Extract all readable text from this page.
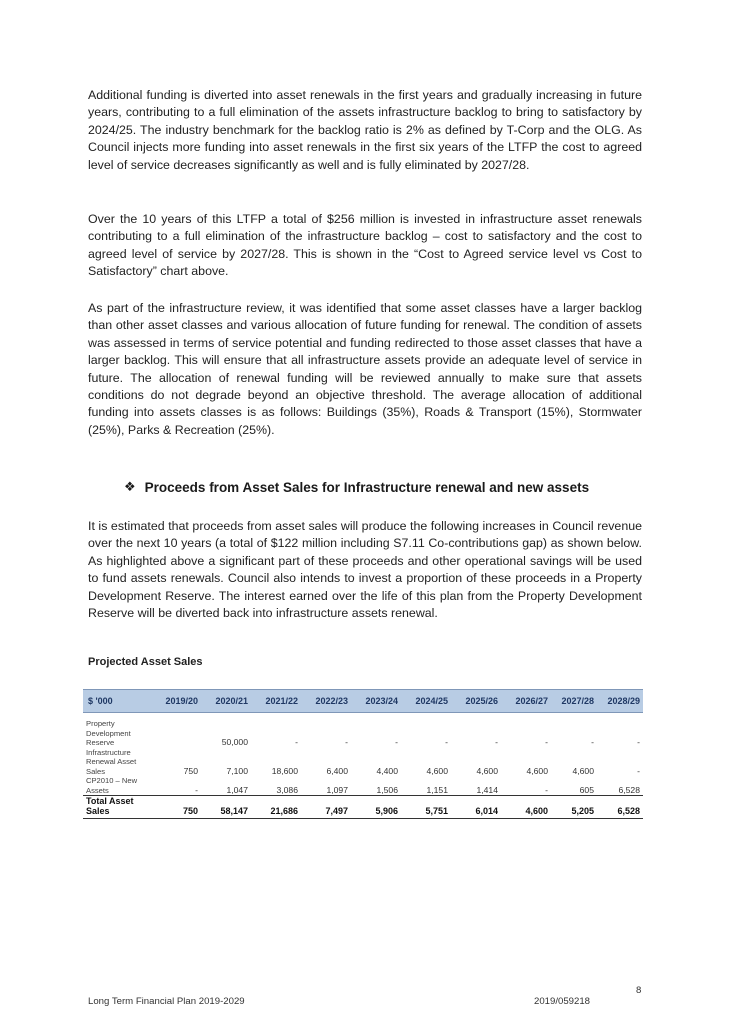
Additional funding is diverted into asset renewals in the first years and gradually increasing in future years, contributing to a full elimination of the assets infrastructure backlog to bring to satisfactory by 2024/25. The industry benchmark for the backlog ratio is 2% as defined by T-Corp and the OLG. As Council injects more funding into asset renewals in the first six years of the LTFP the cost to agreed level of service decreases significantly as well and is fully eliminated by 2027/28.

Over the 10 years of this LTFP a total of $256 million is invested in infrastructure asset renewals contributing to a full elimination of the infrastructure backlog – cost to satisfactory and the cost to agreed level of service by 2027/28. This is shown in the “Cost to Agreed service level vs Cost to Satisfactory” chart above.

As part of the infrastructure review, it was identified that some asset classes have a larger backlog than other asset classes and various allocation of future funding for renewal. The condition of assets was assessed in terms of service potential and funding redirected to those asset classes that have a larger backlog. This will ensure that all infrastructure assets provide an adequate level of service in future. The allocation of renewal funding will be reviewed annually to make sure that assets conditions do not degrade beyond an objective threshold. The average allocation of additional funding into assets classes is as follows: Buildings (35%), Roads & Transport (15%), Stormwater (25%), Parks & Recreation (25%).

❖ Proceeds from Asset Sales for Infrastructure renewal and new assets

It is estimated that proceeds from asset sales will produce the following increases in Council revenue over the next 10 years (a total of $122 million including S7.11 Co-contributions gap) as shown below. As highlighted above a significant part of these proceeds and other operational savings will be used to fund assets renewals. Council also intends to invest a proportion of these proceeds in a Property Development Reserve. The interest earned over the life of this plan from the Property Development Reserve will be diverted back into infrastructure assets renewal.

Projected Asset Sales

$ '000	2019/20	2020/21	2021/22	2022/23	2023/24	2024/25	2025/26	2026/27	2027/28	2028/29

Property Development Reserve		50,000	-	-	-	-	-	-	-	-
Infrastructure Renewal Asset Sales	750	7,100	18,600	6,400	4,400	4,600	4,600	4,600	4,600	-
CP2010 – New Assets	-	1,047	3,086	1,097	1,506	1,151	1,414	-	605	6,528
Total Asset Sales	750	58,147	21,686	7,497	5,906	5,751	6,014	4,600	5,205	6,528
8
Long Term Financial Plan 2019-2029	2019/059218
